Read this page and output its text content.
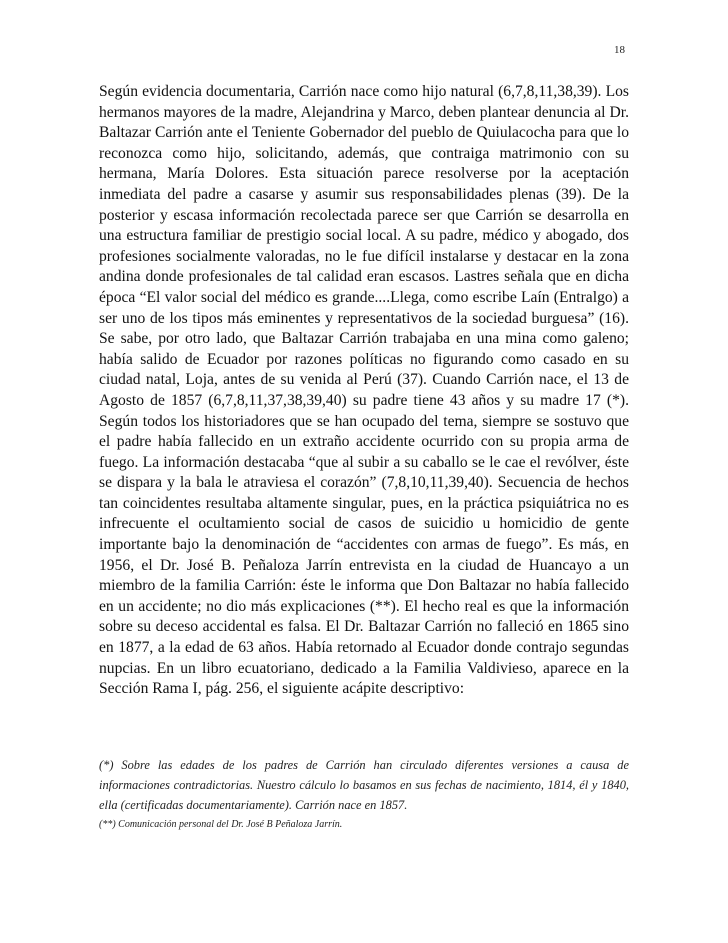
18

Según evidencia documentaria, Carrión nace como hijo natural (6,7,8,11,38,39). Los hermanos mayores de la madre, Alejandrina y Marco, deben plantear denuncia al Dr. Baltazar Carrión ante el Teniente Gobernador del pueblo de Quiulacocha para que lo reconozca como hijo, solicitando, además, que contraiga matrimonio con su hermana, María Dolores. Esta situación parece resolverse por la aceptación inmediata del padre a casarse y asumir sus responsabilidades plenas (39). De la posterior y escasa información recolectada parece ser que Carrión se desarrolla en una estructura familiar de prestigio social local. A su padre, médico y abogado, dos profesiones socialmente valoradas, no le fue difícil instalarse y destacar en la zona andina donde profesionales de tal calidad eran escasos. Lastres señala que en dicha época “El valor social del médico es grande....Llega, como escribe Laín (Entralgo) a ser uno de los tipos más eminentes y representativos de la sociedad burguesa” (16). Se sabe, por otro lado, que Baltazar Carrión trabajaba en una mina como galeno; había salido de Ecuador por razones políticas no figurando como casado en su ciudad natal, Loja, antes de su venida al Perú (37). Cuando Carrión nace, el 13 de Agosto de 1857 (6,7,8,11,37,38,39,40) su padre tiene 43 años y su madre 17 (*). Según todos los historiadores que se han ocupado del tema, siempre se sostuvo que el padre había fallecido en un extraño accidente ocurrido con su propia arma de fuego. La información destacaba “que al subir a su caballo se le cae el revólver, éste se dispara y la bala le atraviesa el corazón” (7,8,10,11,39,40). Secuencia de hechos tan coincidentes resultaba altamente singular, pues, en la práctica psiquiátrica no es infrecuente el ocultamiento social de casos de suicidio u homicidio de gente importante bajo la denominación de “accidentes con armas de fuego”. Es más, en 1956, el Dr. José B. Peñaloza Jarrín entrevista en la ciudad de Huancayo a un miembro de la familia Carrión: éste le informa que Don Baltazar no había fallecido en un accidente; no dio más explicaciones (**). El hecho real es que la información sobre su deceso accidental es falsa. El Dr. Baltazar Carrión no falleció en 1865 sino en 1877, a la edad de 63 años. Había retornado al Ecuador donde contrajo segundas nupcias. En un libro ecuatoriano, dedicado a la Familia Valdivieso, aparece en la Sección Rama I, pág. 256, el siguiente acápite descriptivo:

(*) Sobre las edades de los padres de Carrión han circulado diferentes versiones a causa de informaciones contradictorias. Nuestro cálculo lo basamos en sus fechas de nacimiento, 1814, él y 1840, ella (certificadas documentariamente). Carrión nace en 1857.

(**) Comunicación personal del Dr. José B Peñaloza Jarrín.
